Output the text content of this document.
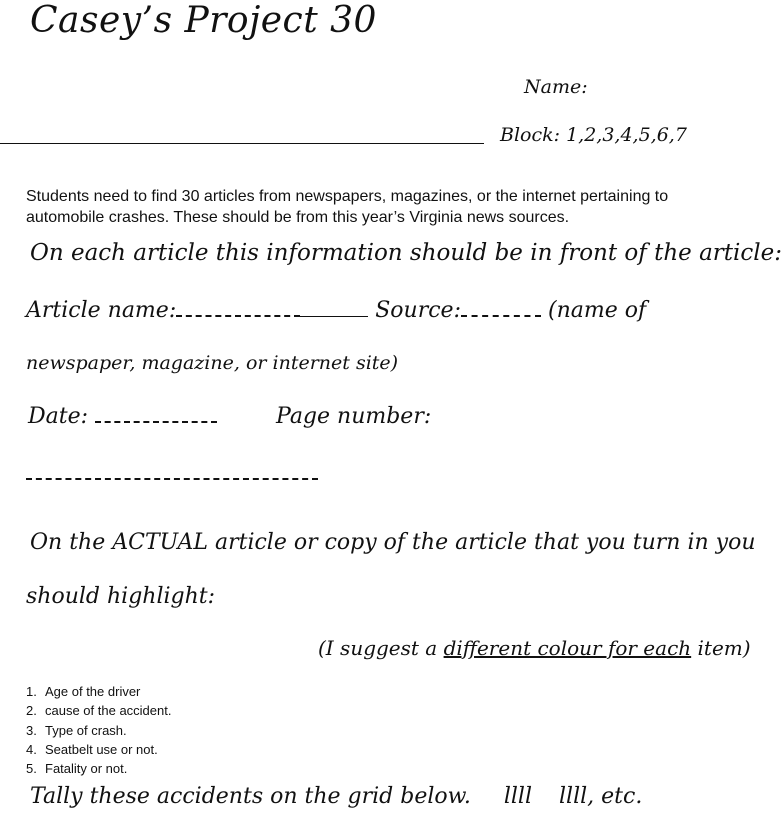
Casey’s Project 30
Name:
Block: 1,2,3,4,5,6,7

Students need to find 30 articles from newspapers, magazines, or the internet pertaining to automobile crashes. These should be from this year’s Virginia news sources.

On each article this information should be in front of the article:
Article name:	Source:	(name of
newspaper, magazine, or internet site)
Date:	Page number:
On the ACTUAL article or copy of the article that you turn in you
should highlight:
(I suggest a different colour for each item)
1. Age of the driver
2. cause of the accident.
3. Type of crash.
4. Seatbelt use or not.
5. Fatality or not.
Tally these accidents on the grid below. llll llll, etc.
